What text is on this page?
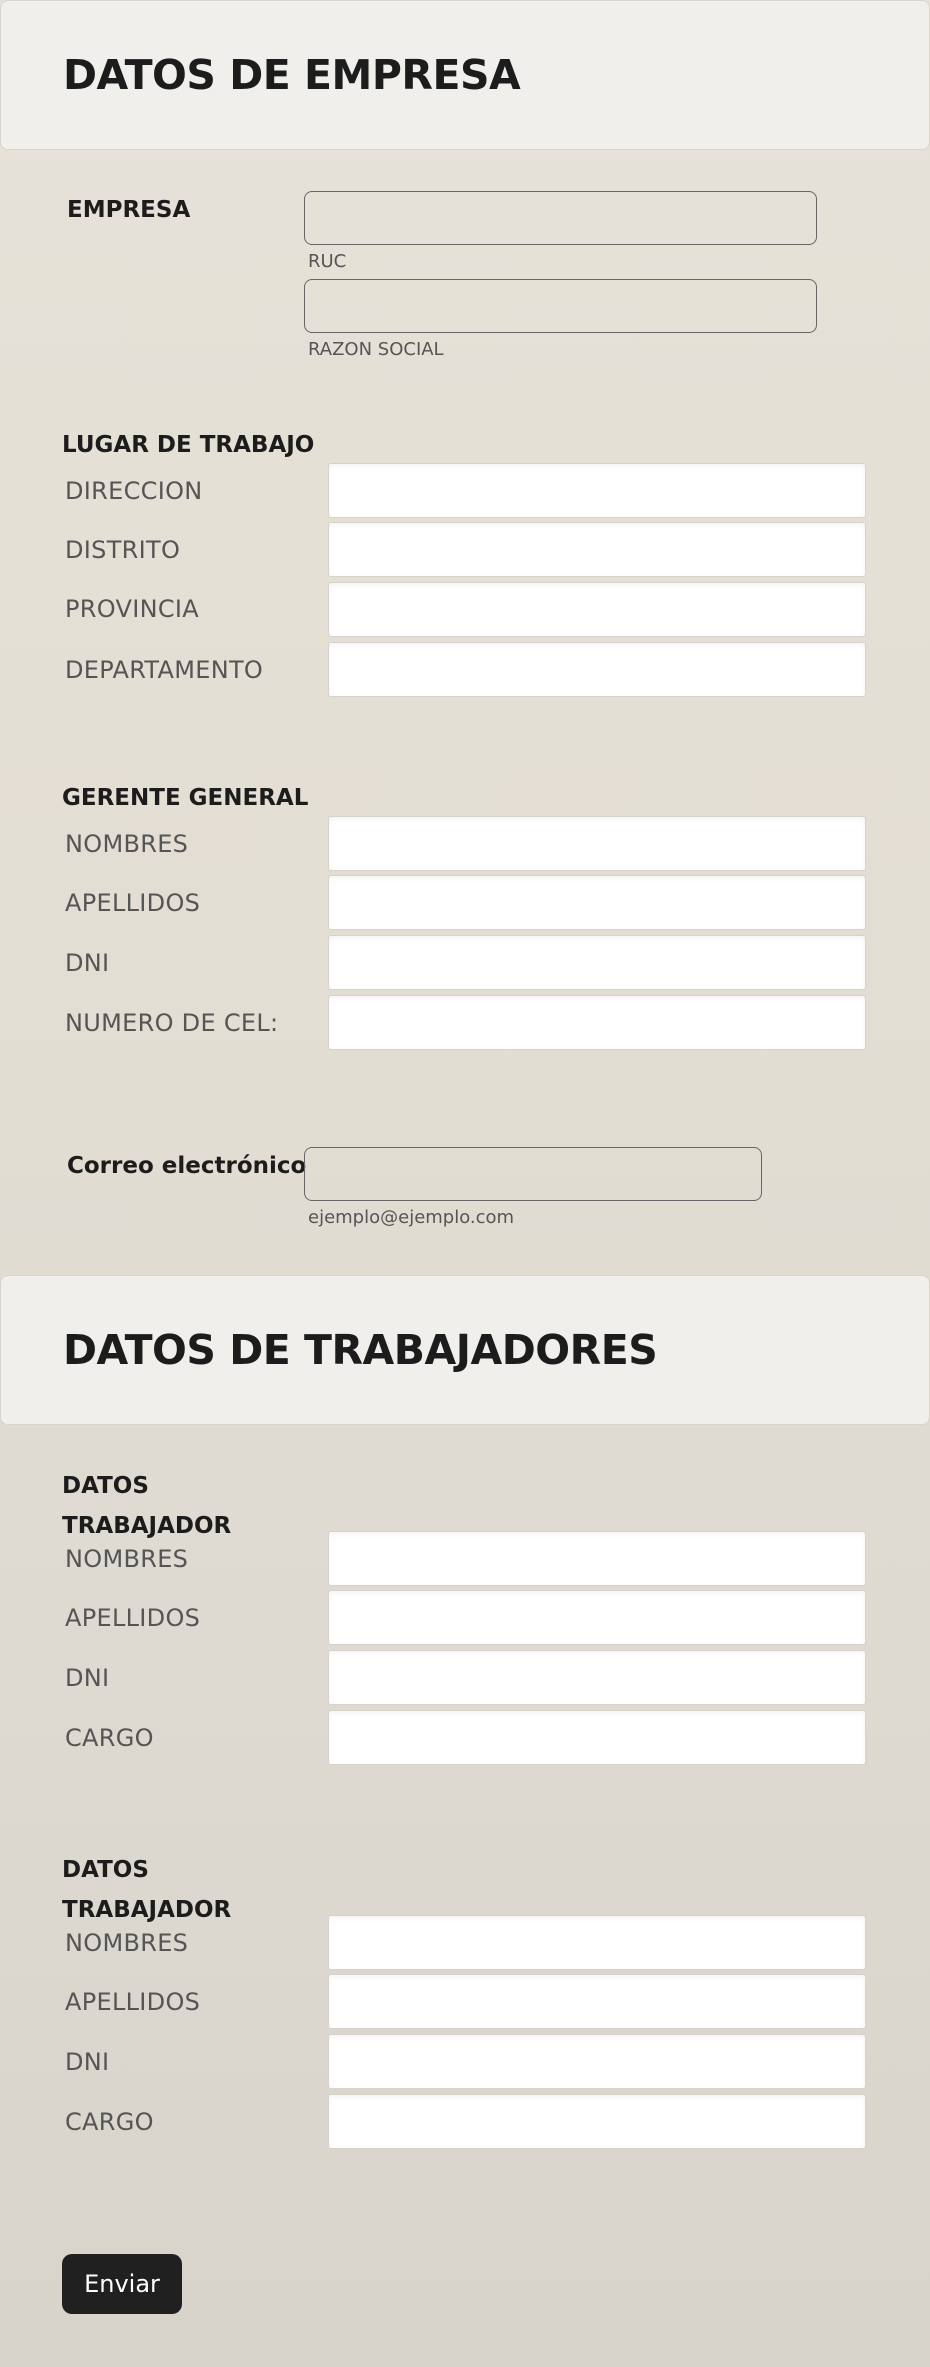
DATOS DE EMPRESA
EMPRESA
RUC
RAZON SOCIAL
LUGAR DE TRABAJO
DIRECCION
DISTRITO
PROVINCIA
DEPARTAMENTO
GERENTE GENERAL
NOMBRES
APELLIDOS
DNI
NUMERO DE CEL:
Correo electrónico
ejemplo@ejemplo.com
DATOS DE TRABAJADORES
DATOS TRABAJADOR
NOMBRES
APELLIDOS
DNI
CARGO
DATOS TRABAJADOR
NOMBRES
APELLIDOS
DNI
CARGO
Enviar
